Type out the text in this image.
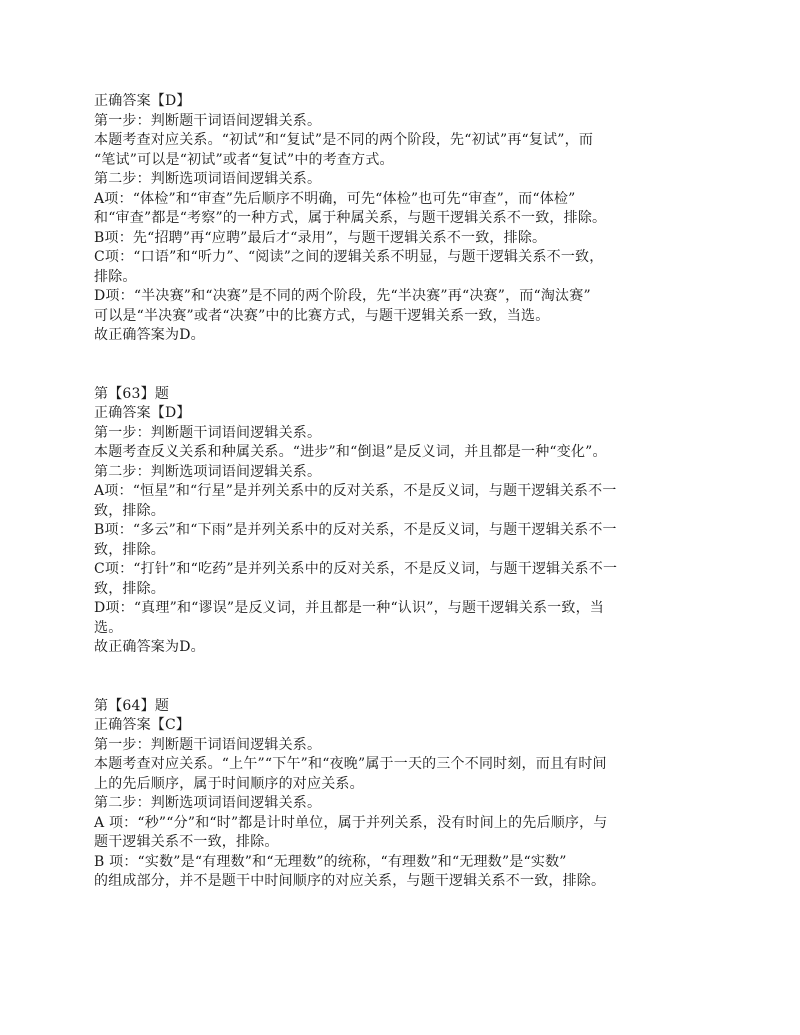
正确答案【D】
第一步：判断题干词语间逻辑关系。
本题考查对应关系。“初试”和“复试”是不同的两个阶段，先“初试”再“复试”，而
“笔试”可以是“初试”或者“复试”中的考查方式。
第二步：判断选项词语间逻辑关系。
A项：“体检”和“审查”先后顺序不明确，可先“体检”也可先“审查”，而“体检”
和“审查”都是“考察”的一种方式，属于种属关系，与题干逻辑关系不一致，排除。
B项：先“招聘”再“应聘”最后才“录用”，与题干逻辑关系不一致，排除。
C项：“口语”和“听力”、“阅读”之间的逻辑关系不明显，与题干逻辑关系不一致，
排除。
D项：“半决赛”和“决赛”是不同的两个阶段，先“半决赛”再“决赛”，而“淘汰赛”
可以是“半决赛”或者“决赛”中的比赛方式，与题干逻辑关系一致，当选。
故正确答案为D。
第【63】题
正确答案【D】
第一步：判断题干词语间逻辑关系。
本题考查反义关系和种属关系。“进步”和“倒退”是反义词，并且都是一种“变化”。
第二步：判断选项词语间逻辑关系。
A项：“恒星”和“行星”是并列关系中的反对关系，不是反义词，与题干逻辑关系不一
致，排除。
B项：“多云”和“下雨”是并列关系中的反对关系，不是反义词，与题干逻辑关系不一
致，排除。
C项：“打针”和“吃药”是并列关系中的反对关系，不是反义词，与题干逻辑关系不一
致，排除。
D项：“真理”和“谬误”是反义词，并且都是一种“认识”，与题干逻辑关系一致，当
选。
故正确答案为D。
第【64】题
正确答案【C】
第一步：判断题干词语间逻辑关系。
本题考查对应关系。“上午”“下午”和“夜晚”属于一天的三个不同时刻，而且有时间
上的先后顺序，属于时间顺序的对应关系。
第二步：判断选项词语间逻辑关系。
A 项：“秒”“分”和“时”都是计时单位，属于并列关系，没有时间上的先后顺序，与
题干逻辑关系不一致，排除。
B 项：“实数”是“有理数”和“无理数”的统称，“有理数”和“无理数”是“实数”
的组成部分，并不是题干中时间顺序的对应关系，与题干逻辑关系不一致，排除。
